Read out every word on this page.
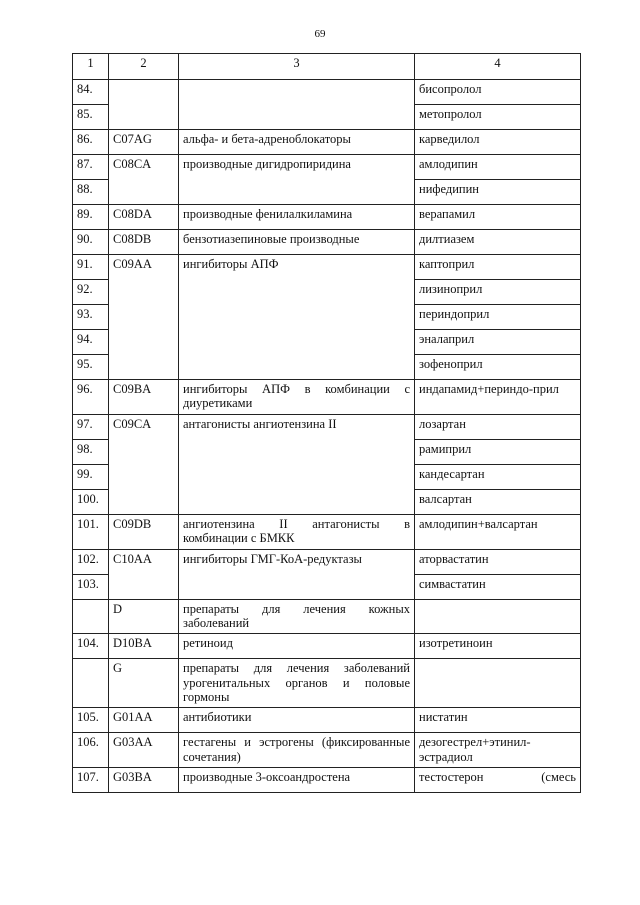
69
1	2	3	4
84.			бисопролол
85.			метопролол
86.	C07AG	альфа- и бета-адреноблокаторы	карведилол
87.	C08CA	производные дигидропиридина	амлодипин
88.			нифедипин
89.	C08DA	производные фенилалкиламина	верапамил
90.	C08DB	бензотиазепиновые производные	дилтиазем
91.	C09AA	ингибиторы АПФ	каптоприл
92.			лизиноприл
93.			периндоприл
94.			эналаприл
95.			зофеноприл
96.	C09BA	ингибиторы АПФ в комбинации с диуретиками	индапамид+периндо-прил
97.	C09CA	антагонисты ангиотензина II	лозартан
98.			рамиприл
99.			кандесартан
100.			валсартан
101.	C09DB	ангиотензина II антагонисты в комбинации с БМКК	амлодипин+валсартан
102.	C10AA	ингибиторы ГМГ-КоА-редуктазы	аторвастатин
103.			симвастатин
	D	препараты для лечения кожных заболеваний	
104.	D10BA	ретиноид	изотретиноин
	G	препараты для лечения заболеваний урогенитальных органов и половые гормоны	
105.	G01AA	антибиотики	нистатин
106.	G03AA	гестагены и эстрогены (фиксированные сочетания)	дезогестрел+этинил-эстрадиол
107.	G03BA	производные 3-оксоандростена	тестостерон (смесь
